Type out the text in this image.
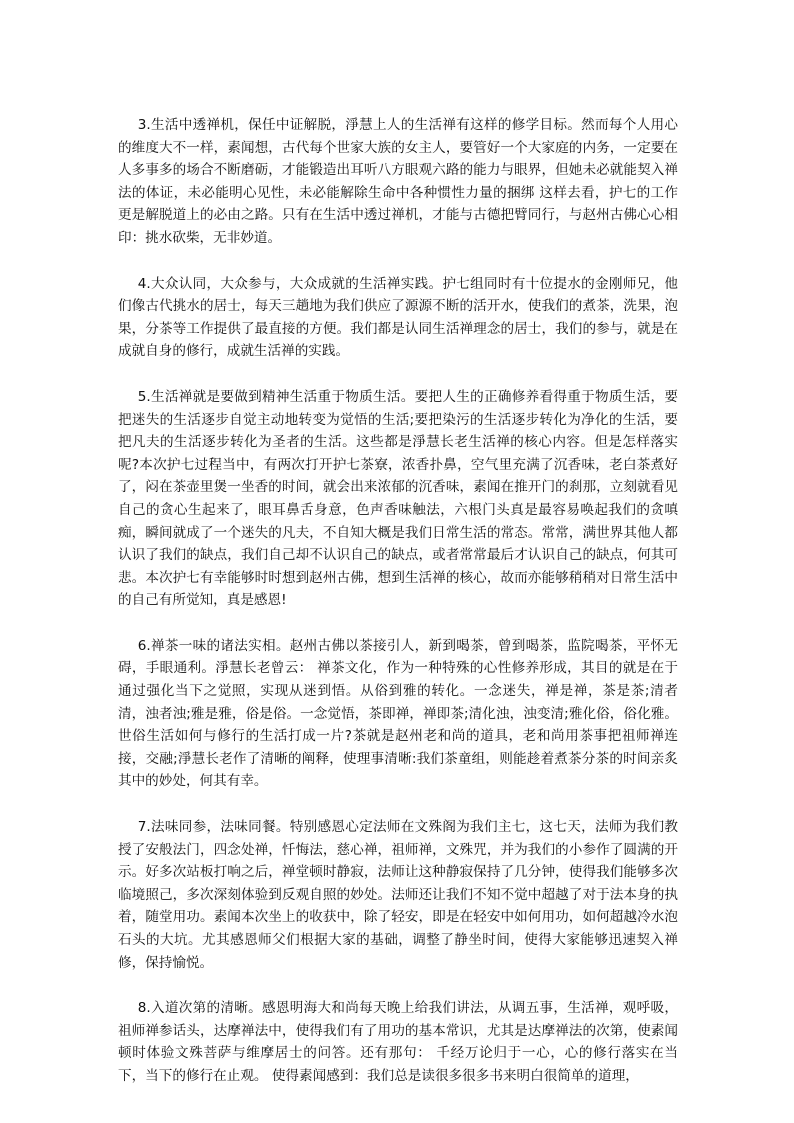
3.生活中透禅机，保任中证解脱，淨慧上人的生活禅有这样的修学目标。然而每个人用心的维度大不一样，素闻想，古代每个世家大族的女主人，要管好一个大家庭的内务，一定要在人多事多的场合不断磨砺，才能锻造出耳听八方眼观六路的能力与眼界，但她未必就能契入禅法的体证，未必能明心见性，未必能解除生命中各种惯性力量的捆绑 这样去看，护七的工作更是解脱道上的必由之路。只有在生活中透过禅机，才能与古德把臂同行，与赵州古佛心心相印：挑水砍柴，无非妙道。

4.大众认同，大众参与，大众成就的生活禅实践。护七组同时有十位提水的金刚师兄，他们像古代挑水的居士，每天三趟地为我们供应了源源不断的活开水，使我们的煮茶，洗果，泡果，分茶等工作提供了最直接的方便。我们都是认同生活禅理念的居士，我们的参与，就是在成就自身的修行，成就生活禅的实践。

5.生活禅就是要做到精神生活重于物质生活。要把人生的正确修养看得重于物质生活，要把迷失的生活逐步自觉主动地转变为觉悟的生活;要把染污的生活逐步转化为净化的生活，要把凡夫的生活逐步转化为圣者的生活。这些都是淨慧长老生活禅的核心内容。但是怎样落实呢?本次护七过程当中，有两次打开护七茶寮，浓香扑鼻，空气里充满了沉香味，老白茶煮好了，闷在茶壶里煲一坐香的时间，就会出来浓郁的沉香味，素闻在推开门的刹那，立刻就看见自己的贪心生起来了，眼耳鼻舌身意，色声香味触法，六根门头真是最容易唤起我们的贪嗔痴，瞬间就成了一个迷失的凡夫，不自知大概是我们日常生活的常态。常常，满世界其他人都认识了我们的缺点，我们自己却不认识自己的缺点，或者常常最后才认识自己的缺点，何其可悲。本次护七有幸能够时时想到赵州古佛，想到生活禅的核心，故而亦能够稍稍对日常生活中的自己有所觉知，真是感恩!

6.禅茶一味的诸法实相。赵州古佛以茶接引人，新到喝茶，曾到喝茶，监院喝茶，平怀无碍，手眼通利。淨慧长老曾云： 禅茶文化，作为一种特殊的心性修养形成，其目的就是在于通过强化当下之觉照，实现从迷到悟。从俗到雅的转化。一念迷失，禅是禅，茶是茶;清者清，浊者浊;雅是雅，俗是俗。一念觉悟，茶即禅，禅即茶;清化浊，浊变清;雅化俗，俗化雅。 世俗生活如何与修行的生活打成一片?茶就是赵州老和尚的道具，老和尚用茶事把祖师禅连接，交融;淨慧长老作了清晰的阐释，使理事清晰:我们茶童组，则能趁着煮茶分茶的时间亲炙其中的妙处，何其有幸。

7.法味同参，法味同餐。特别感恩心定法师在文殊阁为我们主七，这七天，法师为我们教授了安般法门，四念处禅，忏悔法，慈心禅，祖师禅，文殊咒，并为我们的小参作了圆满的开示。好多次站板打响之后，禅堂顿时静寂，法师让这种静寂保持了几分钟，使得我们能够多次临境照己，多次深刻体验到反观自照的妙处。法师还让我们不知不觉中超越了对于法本身的执着，随堂用功。素闻本次坐上的收获中，除了轻安，即是在轻安中如何用功，如何超越冷水泡石头的大坑。尤其感恩师父们根据大家的基础，调整了静坐时间，使得大家能够迅速契入禅修，保持愉悦。

8.入道次第的清晰。感恩明海大和尚每天晚上给我们讲法，从调五事，生活禅，观呼吸，祖师禅参话头，达摩禅法中，使得我们有了用功的基本常识，尤其是达摩禅法的次第，使素闻顿时体验文殊菩萨与维摩居士的问答。还有那句： 千经万论归于一心，心的修行落实在当下，当下的修行在止观。 使得素闻感到：我们总是读很多很多书来明白很简单的道理，
